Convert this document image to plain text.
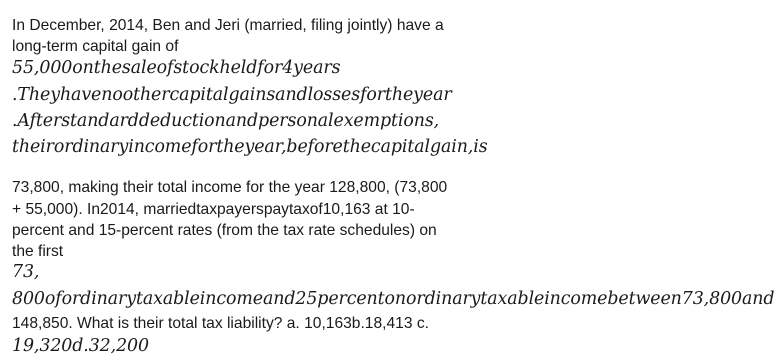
In December, 2014, Ben and Jeri (married, filing jointly) have a
long-term capital gain of
55,000onthesaleofstockheldfor4years
.Theyhavenoothercapitalgainsandlossesfortheyear
.Afterstandarddeductionandpersonalexemptions,
theirordinaryincomefortheyear,beforethecapitalgain,is
73,800, making their total income for the year 128,800, (73,800
+ 55,000). In2014, marriedtaxpayerspaytaxof10,163 at 10-
percent and 15-percent rates (from the tax rate schedules) on
the first
73,
800ofordinarytaxableincomeand25percentonordinarytaxableincomebetween73,800and
148,850. What is their total tax liability? a. 10,163b.18,413 c.
19,320d.32,200
